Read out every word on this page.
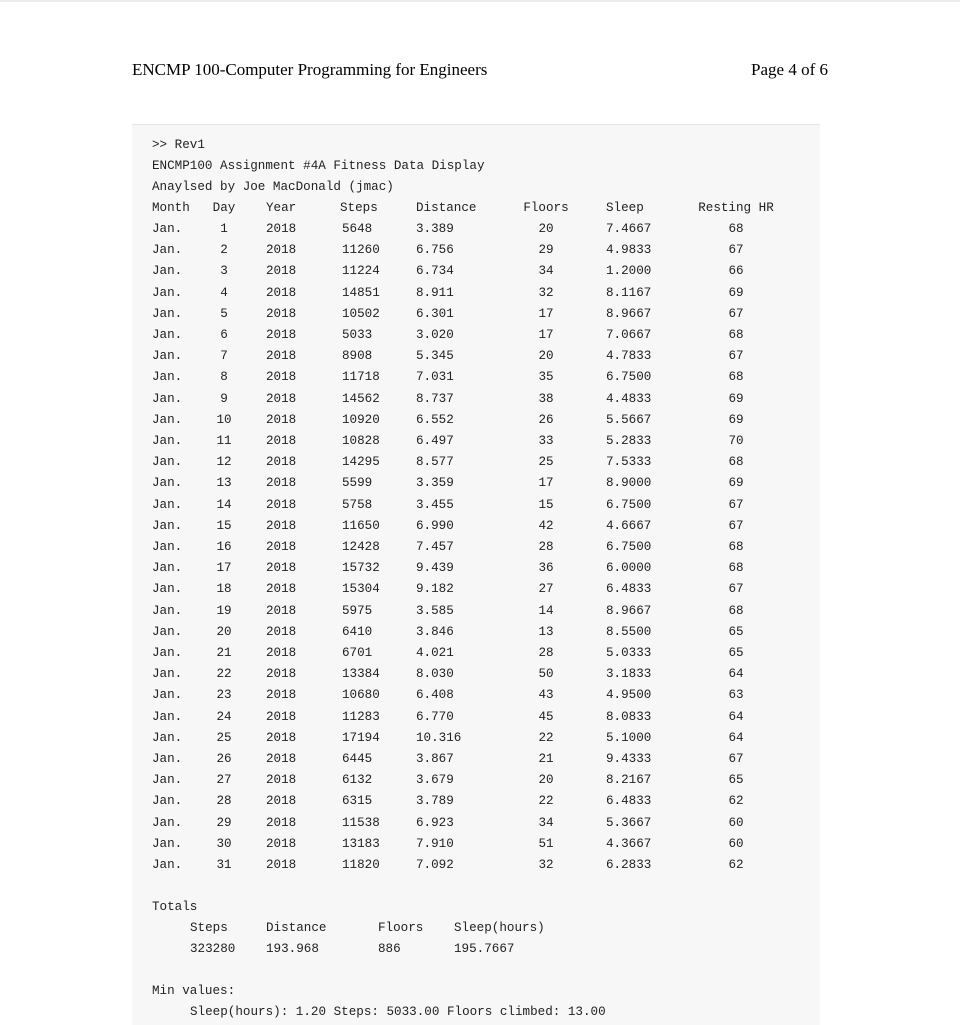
ENCMP 100-Computer Programming for Engineers	Page 4 of 6
>> Rev1
ENCMP100 Assignment #4A Fitness Data Display
Anaylsed by Joe MacDonald (jmac)
Month	Day	Year	Steps	Distance	Floors	Sleep	Resting HR
Jan.	1	2018	5648	3.389	20	7.4667	68
Jan.	2	2018	11260	6.756	29	4.9833	67
Jan.	3	2018	11224	6.734	34	1.2000	66
Jan.	4	2018	14851	8.911	32	8.1167	69
Jan.	5	2018	10502	6.301	17	8.9667	67
Jan.	6	2018	5033	3.020	17	7.0667	68
Jan.	7	2018	8908	5.345	20	4.7833	67
Jan.	8	2018	11718	7.031	35	6.7500	68
Jan.	9	2018	14562	8.737	38	4.4833	69
Jan.	10	2018	10920	6.552	26	5.5667	69
Jan.	11	2018	10828	6.497	33	5.2833	70
Jan.	12	2018	14295	8.577	25	7.5333	68
Jan.	13	2018	5599	3.359	17	8.9000	69
Jan.	14	2018	5758	3.455	15	6.7500	67
Jan.	15	2018	11650	6.990	42	4.6667	67
Jan.	16	2018	12428	7.457	28	6.7500	68
Jan.	17	2018	15732	9.439	36	6.0000	68
Jan.	18	2018	15304	9.182	27	6.4833	67
Jan.	19	2018	5975	3.585	14	8.9667	68
Jan.	20	2018	6410	3.846	13	8.5500	65
Jan.	21	2018	6701	4.021	28	5.0333	65
Jan.	22	2018	13384	8.030	50	3.1833	64
Jan.	23	2018	10680	6.408	43	4.9500	63
Jan.	24	2018	11283	6.770	45	8.0833	64
Jan.	25	2018	17194	10.316	22	5.1000	64
Jan.	26	2018	6445	3.867	21	9.4333	67
Jan.	27	2018	6132	3.679	20	8.2167	65
Jan.	28	2018	6315	3.789	22	6.4833	62
Jan.	29	2018	11538	6.923	34	5.3667	60
Jan.	30	2018	13183	7.910	51	4.3667	60
Jan.	31	2018	11820	7.092	32	6.2833	62
Totals
Steps	Distance	Floors Sleep(hours)
323280 193.968	886	195.7667
Min values:
Sleep(hours): 1.20 Steps: 5033.00 Floors climbed: 13.00
